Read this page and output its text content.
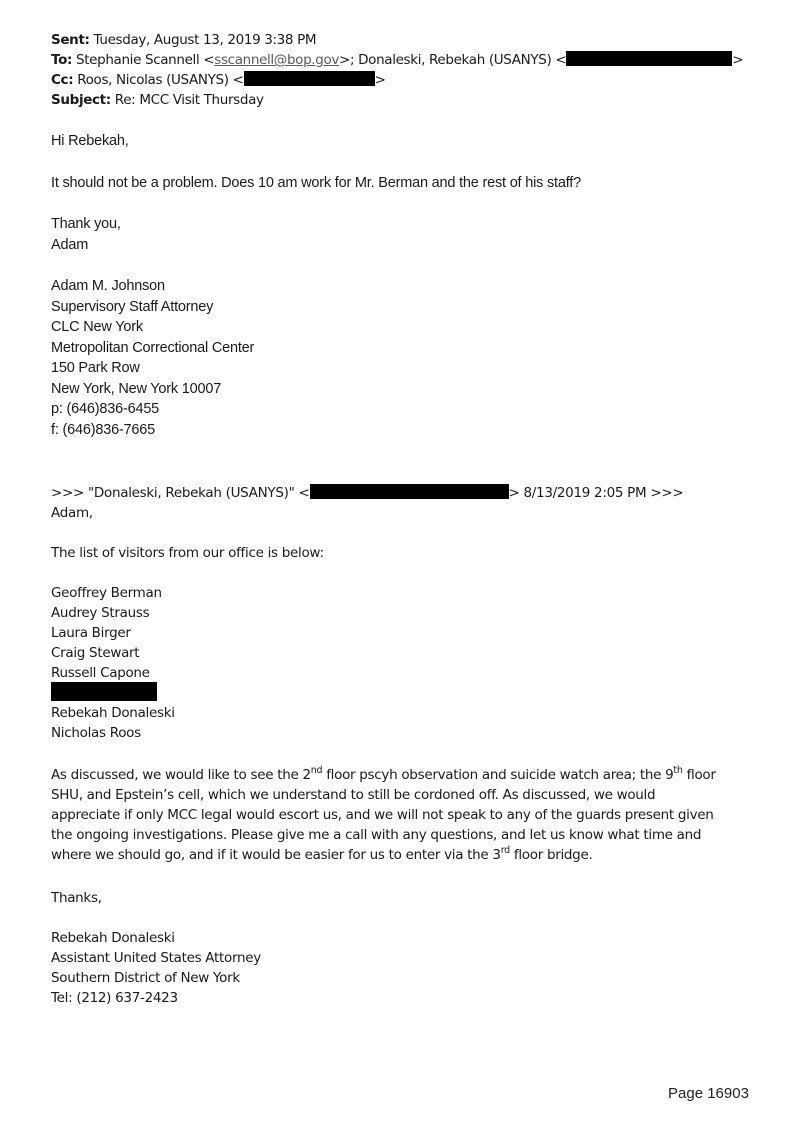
Sent: Tuesday, August 13, 2019 3:38 PM
To: Stephanie Scannell <sscannell@bop.gov>; Donaleski, Rebekah (USANYS) <	>
Cc: Roos, Nicolas (USANYS) <	>
Subject: Re: MCC Visit Thursday
Hi Rebekah,
It should not be a problem. Does 10 am work for Mr. Berman and the rest of his staff?
Thank you,
Adam
Adam M. Johnson
Supervisory Staff Attorney
CLC New York
Metropolitan Correctional Center
150 Park Row
New York, New York 10007
p: (646)836-6455
f: (646)836-7665
>>> "Donaleski, Rebekah (USANYS)" <	> 8/13/2019 2:05 PM >>>
Adam,
The list of visitors from our office is below:
Geoffrey Berman
Audrey Strauss
Laura Birger
Craig Stewart
Russell Capone
Rebekah Donaleski
Nicholas Roos
As discussed, we would like to see the 2nd floor pscyh observation and suicide watch area; the 9th floor
SHU, and Epstein’s cell, which we understand to still be cordoned off. As discussed, we would
appreciate if only MCC legal would escort us, and we will not speak to any of the guards present given
the ongoing investigations. Please give me a call with any questions, and let us know what time and
where we should go, and if it would be easier for us to enter via the 3rd floor bridge.
Thanks,
Rebekah Donaleski
Assistant United States Attorney
Southern District of New York
Tel: (212) 637-2423
Page 16903
